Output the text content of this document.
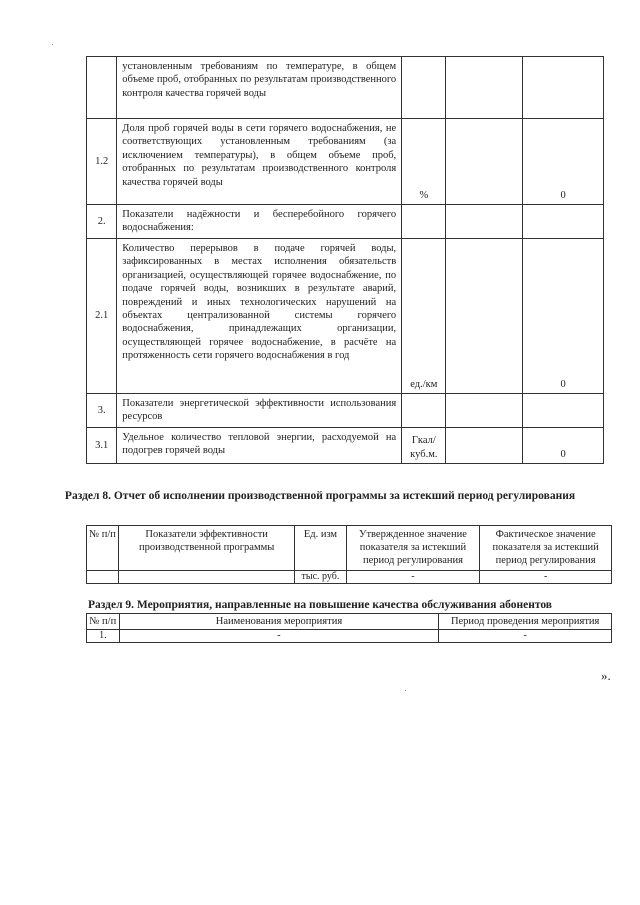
	установленным требованиям по температуре, в общем объеме проб, отобранных по результатам производственного контроля качества горячей воды			
1.2	Доля проб горячей воды в сети горячего водоснабжения, не соответствующих установленным требованиям (за исключением температуры), в общем объеме проб, отобранных по результатам производственного контроля качества горячей воды	%		0
2.	Показатели надёжности и бесперебойного горячего водоснабжения:			
2.1	Количество перерывов в подаче горячей воды, зафиксированных в местах исполнения обязательств организацией, осуществляющей горячее водоснабжение, по подаче горячей воды, возникших в результате аварий, повреждений и иных технологических нарушений на объектах централизованной системы горячего водоснабжения, принадлежащих организации, осуществляющей горячее водоснабжение, в расчёте на протяженность сети горячего водоснабжения в год	ед./км		0
3.	Показатели энергетической эффективности использования ресурсов			
3.1	Удельное количество тепловой энергии, расходуемой на подогрев горячей воды	Гкал/ куб.м.		0
Раздел 8. Отчет об исполнении производственной программы за истекший период регулирования
№ п/п	Показатели эффективности производственной программы	Ед. изм	Утвержденное значение показателя за истекший период регулирования	Фактическое значение показателя за истекший период регулирования
		тыс. руб.	-	-
Раздел 9. Мероприятия, направленные на повышение качества обслуживания абонентов
№ п/п	Наименования мероприятия	Период проведения мероприятия
1.	-	-
».
